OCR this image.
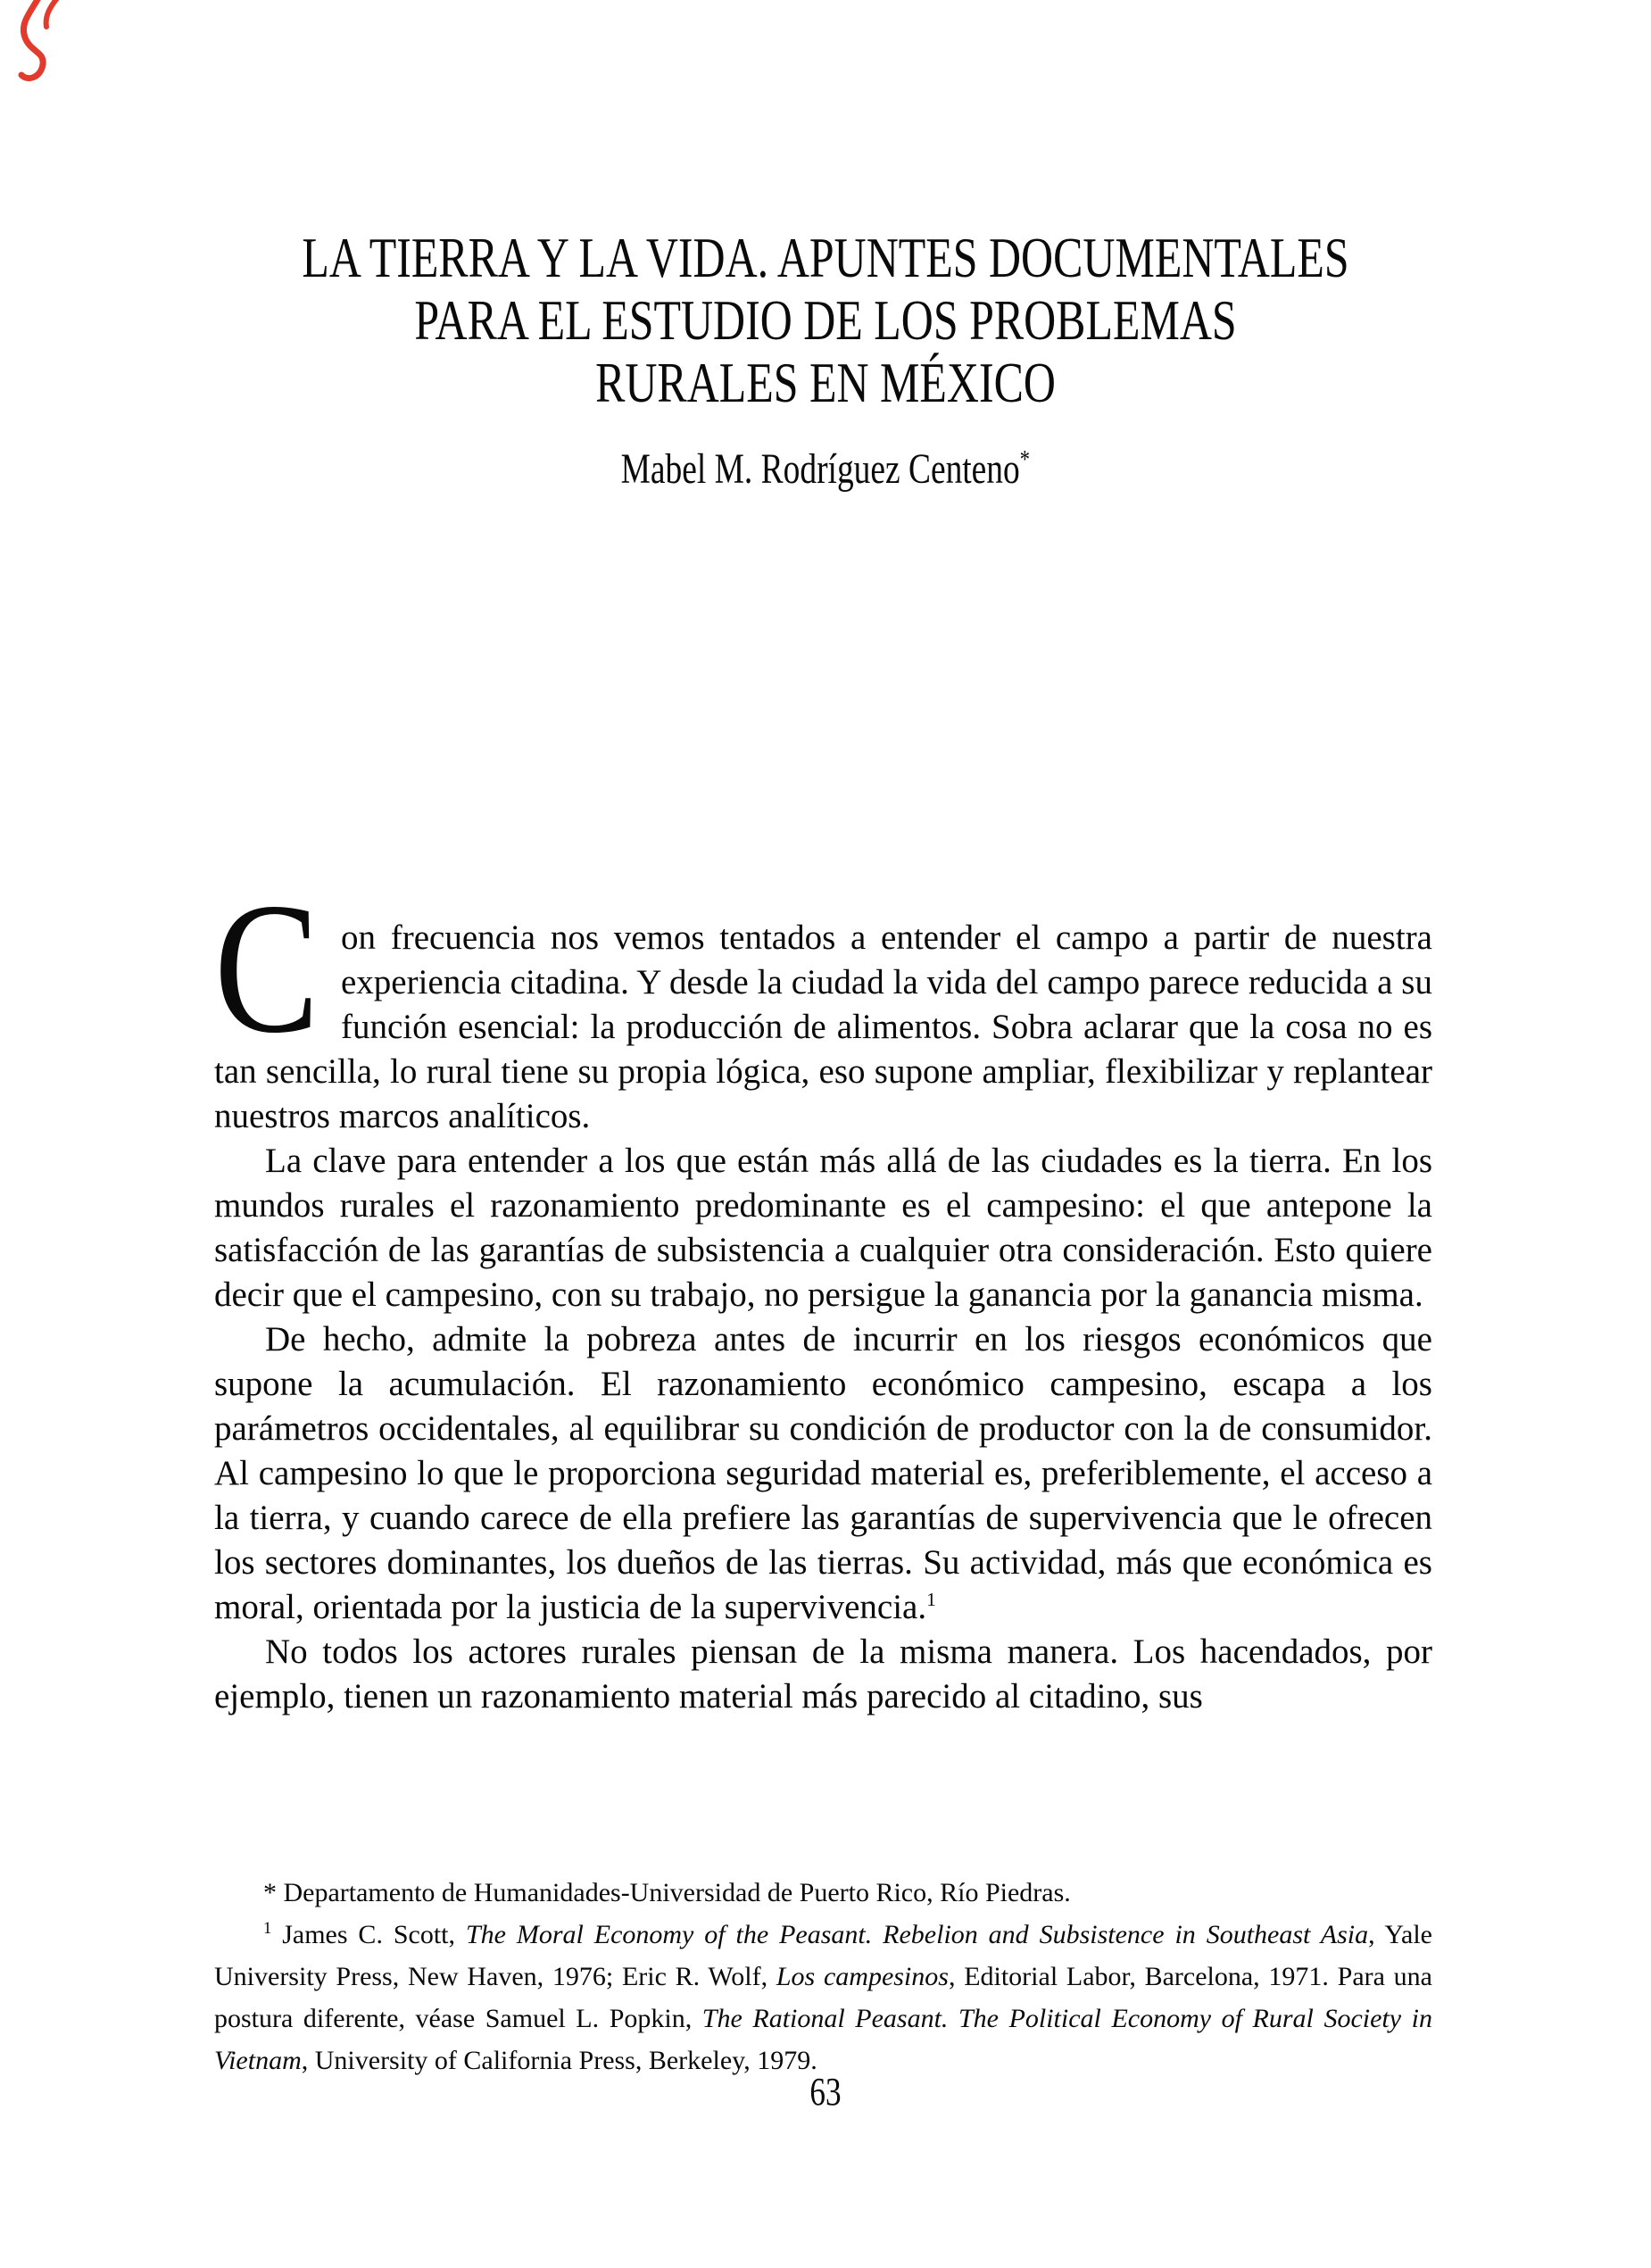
LA TIERRA Y LA VIDA. APUNTES DOCUMENTALES
PARA EL ESTUDIO DE LOS PROBLEMAS
RURALES EN MÉXICO
Mabel M. Rodríguez Centeno*

Con frecuencia nos vemos tentados a entender el campo a partir de nuestra experiencia citadina. Y desde la ciudad la vida del campo parece reducida a su función esencial: la producción de alimentos. Sobra aclarar que la cosa no es tan sencilla, lo rural tiene su propia lógica, eso supone ampliar, flexibilizar y replantear nuestros marcos analíticos.

La clave para entender a los que están más allá de las ciudades es la tierra. En los mundos rurales el razonamiento predominante es el campesino: el que antepone la satisfacción de las garantías de subsistencia a cualquier otra consideración. Esto quiere decir que el campesino, con su trabajo, no persigue la ganancia por la ganancia misma.

De hecho, admite la pobreza antes de incurrir en los riesgos económicos que supone la acumulación. El razonamiento económico campesino, escapa a los parámetros occidentales, al equilibrar su condición de productor con la de consumidor. Al campesino lo que le proporciona seguridad material es, preferiblemente, el acceso a la tierra, y cuando carece de ella prefiere las garantías de supervivencia que le ofrecen los sectores dominantes, los dueños de las tierras. Su actividad, más que económica es moral, orientada por la justicia de la supervivencia.$^1$

No todos los actores rurales piensan de la misma manera. Los hacendados, por ejemplo, tienen un razonamiento material más parecido al citadino, sus

* Departamento de Humanidades-Universidad de Puerto Rico, Río Piedras.

$^1$ James C. Scott, The Moral Economy of the Peasant. Rebelion and Subsistence in Southeast Asia, Yale University Press, New Haven, 1976; Eric R. Wolf, Los campesinos, Editorial Labor, Barcelona, 1971. Para una postura diferente, véase Samuel L. Popkin, The Rational Peasant. The Political Economy of Rural Society in Vietnam, University of California Press, Berkeley, 1979.

63
